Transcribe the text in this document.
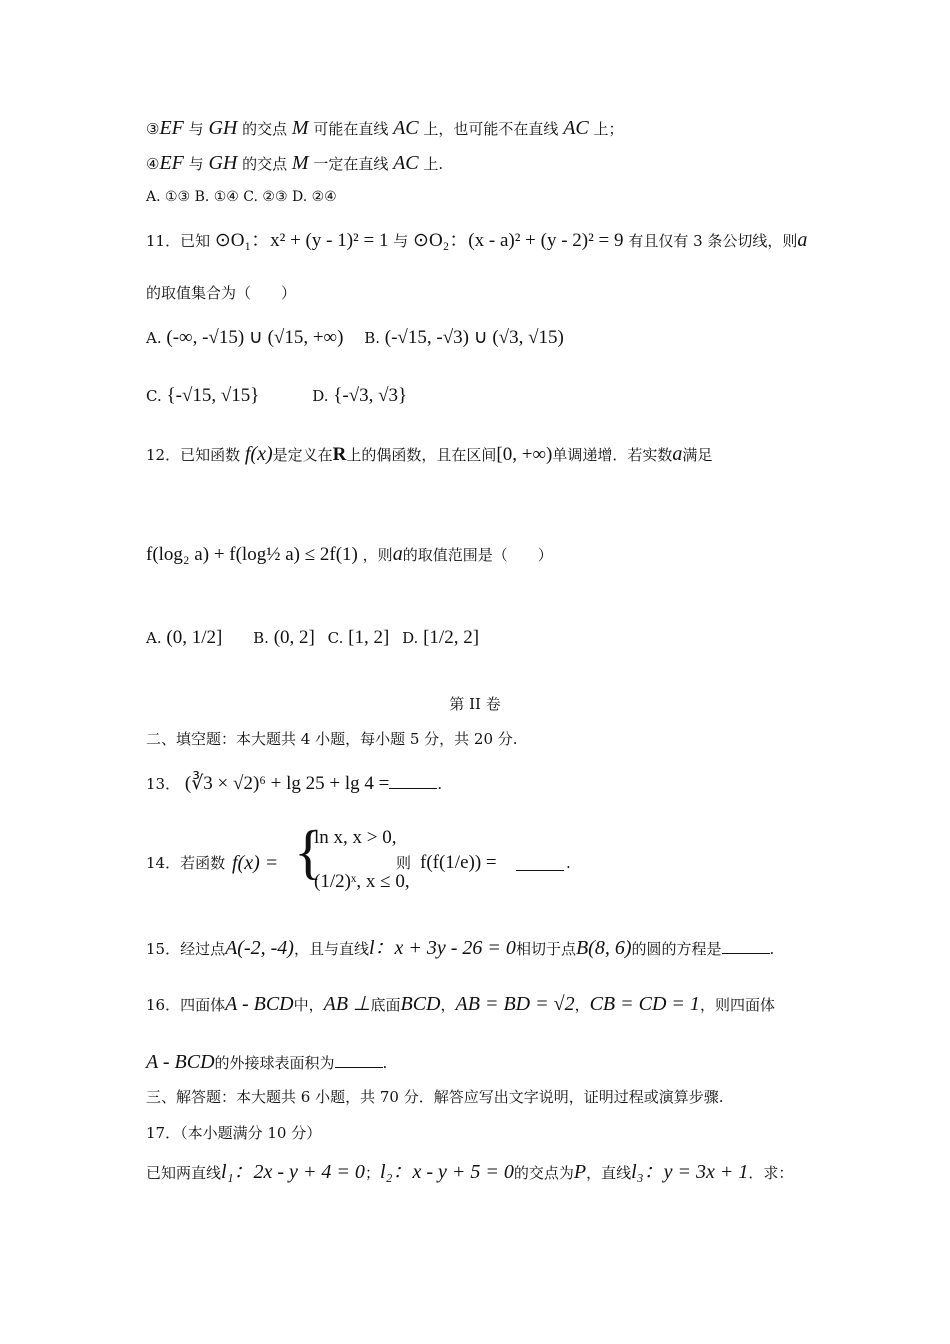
③EF 与 GH 的交点 M 可能在直线 AC 上，也可能不在直线 AC 上；
④EF 与 GH 的交点 M 一定在直线 AC 上.
A. ①③ B. ①④ C. ②③ D. ②④
11．已知 ⊙O₁：x² + (y - 1)² = 1 与 ⊙O₂：(x - a)² + (y - 2)² = 9 有且仅有 3 条公切线，则a
的取值集合为（　　）
A. (-∞, -√15) ∪ (√15, +∞) B. (-√15, -√3) ∪ (√3, √15)
C. {-√15, √15}	D. {-√3, √3}
12．已知函数 f(x)是定义在R上的偶函数，且在区间[0, +∞)单调递增．若实数a满足
f(log₂ a) + f(log½ a) ≤ 2f(1) ，则a的取值范围是（　　）
A. (0, 1/2] B. (0, 2] C. [1, 2] D. [1/2, 2]
第 II 卷
二、填空题：本大题共 4 小题，每小题 5 分，共 20 分.
13． (∛3 × √2)⁶ + lg 25 + lg 4 =	.
14．若函数 f(x) = {
ln x, x > 0,
(1/2)ˣ, x ≤ 0,
则 f(f(1/e)) =	.
15．经过点A(-2, -4)，且与直线l：x + 3y - 26 = 0相切于点B(8, 6)的圆的方程是	.
16．四面体A - BCD中，AB ⊥底面BCD，AB = BD = √2，CB = CD = 1，则四面体
A - BCD的外接球表面积为	.
三、解答题：本大题共 6 小题，共 70 分．解答应写出文字说明，证明过程或演算步骤.
17．（本小题满分 10 分）
已知两直线l₁：2x - y + 4 = 0；l₂：x - y + 5 = 0的交点为P，直线l₃：y = 3x + 1．求：
